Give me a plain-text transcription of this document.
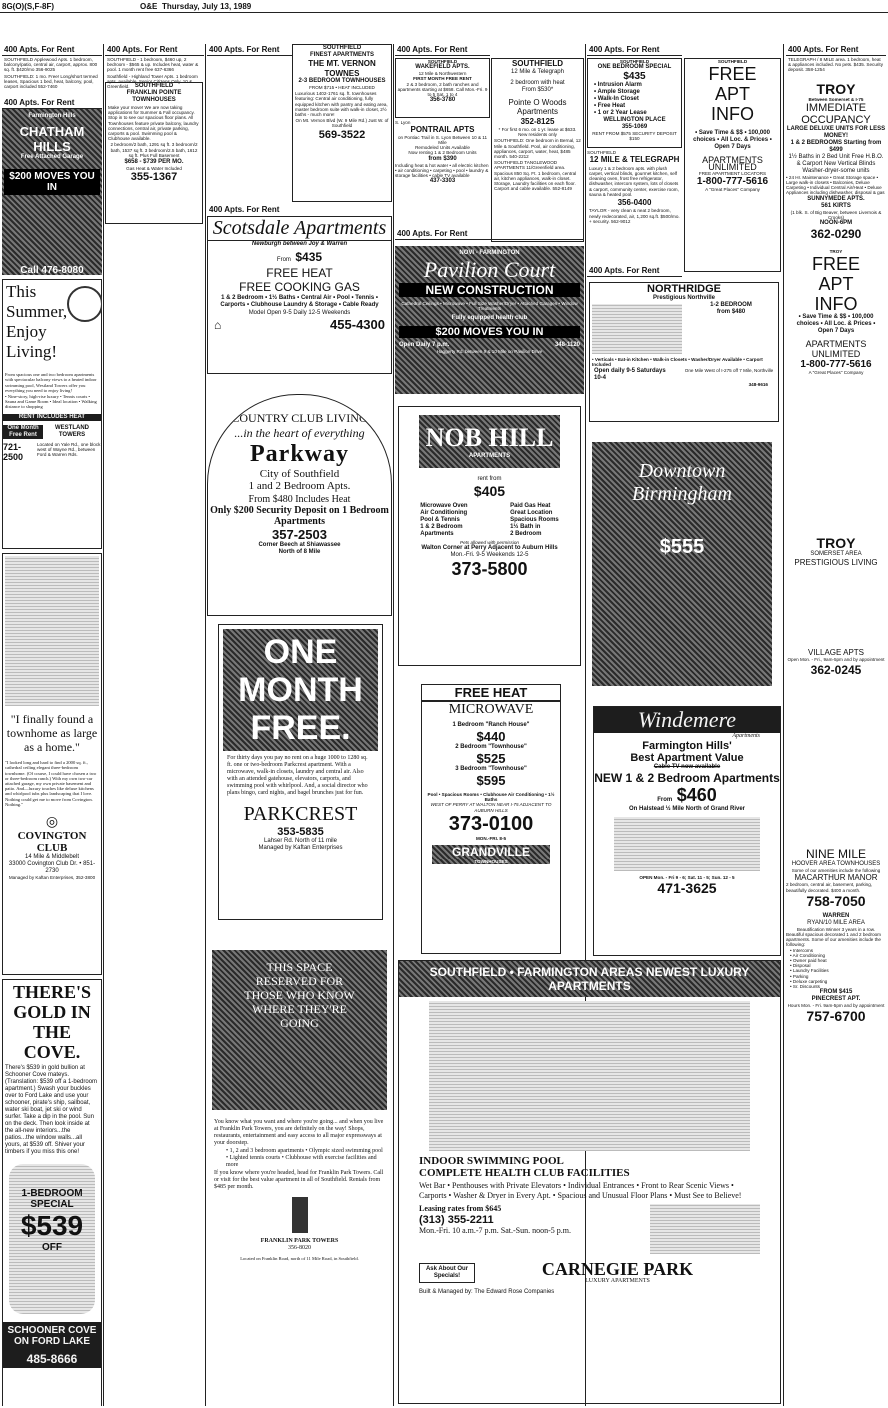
8G(O)(S,F-8F)	O&E Thursday, July 13, 1989
400 Apts. For Rent
SOUTHFIELD Applewood Apts. 1 bedroom, balcony/patio, central air, carport, approx. 800 sq. ft. $420/mo 356-9025
SOUTHFIELD: 1 mo. Free! Long/short termed leases, Spacious 1 bed, heat, balcony, pool, carport included 552-7460
400 Apts. For Rent
Farmington Hills
CHATHAM HILLS
Free Attached Garage
$200 MOVES YOU IN
Call 476-8080
This Summer, Enjoy Living!
From spacious one and two bedroom apartments with spectacular balcony views to a heated indoor swimming pool, Westland Towers offer you everything you need to enjoy living!
• Nine-story, high-rise luxury • Tennis courts • Sauna and Game Room • Ideal location • Walking distance to shopping
RENT INCLUDES HEAT
One Month Free Rent
WESTLAND TOWERS
721-2500
Located on Yale Rd., one block west of Wayne Rd., between Ford & Warren Rds.
"I finally found a townhome as large as a home."
"I looked long and hard to find a 2000 sq. ft., cathedral ceiling elegant three-bedroom townhome. (Of course, I could have chosen a two or three-bedroom ranch.) With my own two-car attached garage, my own private basement and patio. And—luxury touches like deluxe kitchens and whirlpool tubs plus landscaping that I love. Nothing could get me to move from Covington. Nothing."
◎
COVINGTON CLUB
14 Mile & Middlebelt
33000 Covington Club Dr. • 851-2730
Managed by Kaftan Enterprises, 352-3800
THERE'S GOLD IN THE COVE.
There's $539 in gold bullion at Schooner Cove mateys. (Translation: $539 off a 1-bedroom apartment.) Swash your buckles over to Ford Lake and use your schooner, pirate's ship, sailboat, water ski boat, jet ski or wind surfer. Take a dip in the pool. Sun on the deck. Then look inside at the all-new interiors...the patios...the window walls...all yours, at $539 off. Shiver your timbers if you miss this one!
1-BEDROOM SPECIAL
$539
OFF
SCHOONER COVE ON FORD LAKE
485-8666
400 Apts. For Rent
SOUTHFIELD - 1 bedroom, $460 up, 2 bedroom - $565 & up. Includes heat, water & pool. 1 month rent free 637-6366
Southfield - Highland Tower Apts. 1 bedroom apts. available. Senior Citizens Only. 10 & Greenfield. SOUTHFIELD
FRANKLIN POINTE TOWNHOUSES
Make your move! We are now taking applications for Summer & Fall occupancy. Stop in to see our spacious floor plans. All Townhouses feature private balcony, laundry connections, central air, private parking, carports & pool. Swimming pool & Clubhouse available.
2 bedroom/2 bath, 1291 sq ft. 3 bedroom/2 bath, 1537 sq ft. 3 bedroom/2.5 bath, 1612 sq ft. Plus Full Basement
$658 - $739 PER MO.
Gas Heat & Water Included
355-1367
400 Apts. For Rent	SOUTHFIELD
FINEST APARTMENTS
THE MT. VERNON TOWNES
2-3 BEDROOM TOWNHOUSES
FROM $715 • HEAT INCLUDED
Luxurious 1402-1761 sq. ft. townhouses featuring: Central air conditioning, fully equipped kitchen with pantry and eating area, master bedroom suite with walk-in closet, 2½ baths - much more!
On Mt. Vernon Blvd (W. 9 Mile Rd.) Just W. of Southfield
569-3522
400 Apts. For Rent
Scotsdale Apartments
Newburgh between Joy & Warren
From $435
FREE HEAT
FREE COOKING GAS
1 & 2 Bedroom • 1½ Baths • Central Air • Pool • Tennis • Carports • Clubhouse Laundry & Storage • Cable Ready
Model Open 9-5 Daily 12-5 Weekends
⌂	455-4300
COUNTRY CLUB LIVING
...in the heart of everything
Parkway
City of Southfield
1 and 2 Bedroom Apts.
From $480 Includes Heat
Only $200 Security Deposit on 1 Bedroom Apartments
357-2503
Corner Beech at Shiawassee North of 8 Mile
ONE MONTH FREE.
For thirty days you pay no rent on a huge 1000 to 1280 sq. ft. one or two-bedroom Parkcrest apartment. With a microwave, walk-in closets, laundry and central air. Also with an attended gatehouse, elevators, carports, and swimming pool with whirlpool. And, a social director who plans bingo, card nights, and bagel brunches just for fun.
PARKCREST
353-5835
Lahser Rd. North of 11 mile
Managed by Kaftan Enterprises
THIS SPACE RESERVED FOR THOSE WHO KNOW WHERE THEY'RE GOING
You know what you want and where you're going... and when you live at Franklin Park Towers, you are definitely on the way! Shops, restaurants, entertainment and easy access to all major expressways at your doorstep.
• 1, 2 and 3 bedroom apartments • Olympic sized swimming pool • Lighted tennis courts • Clubhouse with exercise facilities and more
If you know where you're headed, head for Franklin Park Towers. Call or visit for the best value apartment in all of Southfield. Rentals from $485 per month.
FRANKLIN PARK TOWERS
356-8020
Located on Franklin Road, north of 11 Mile Road, in Southfield.
400 Apts. For Rent
SOUTHFIELD
WAKEFIELD APTS.
12 Mile & Northwestern
FIRST MONTH FREE RENT
2 & 3 bedroom, 2 bath ranches and apartments starting at $658. Call Mon.-Fri. 9 to 5 Sat. 1 to 4
356-3780
S. Lyon
PONTRAIL APTS
on Pontiac Trail in S. Lyon Between 10 & 11 Mile
Remodeled Units Available
Now renting 1 & 2 Bedroom Units
from $390
Including heat & hot water • all electric kitchen • air conditioning • carpeting • pool • laundry & storage facilities • cable TV available
437-3303
SOUTHFIELD
12 Mile & Telegraph
2 bedroom with heat
From $530*
Pointe O Woods Apartments
352-8125
* For first 6 mo. on 1 yr. lease at $633. New residents only
SOUTHFIELD: One bedroom in Bernal, 12 Mile & Southfield. Pool, air conditioning, appliances, carport, water, heat, $485 month. 540-2212
SOUTHFIELD TANGLEWOOD APARTMENTS 11/Greenfield area. Spacious 850 Sq. Ft. 1 bedroom, central air, kitchen appliances, walk-in closet. Storage, Laundry facilities on each floor. Carport and cable available. 552-8149
400 Apts. For Rent
NOVI - FARMINGTON
Pavilion Court
NEW CONSTRUCTION
Cathedral Ceilings • Microwave • Full Size Washer/Dryer • Attached Garages • Window Treatments
Fully equipped health club
$200 MOVES YOU IN
Open Daily 7 p.m.	348-1120
Haggerty Rd. between 9 & 10 Mile on Pavilion Drive
NOB HILL
APARTMENTS
rent from
$405
Microwave Oven
Air Conditioning
Pool & Tennis
1 & 2 Bedroom
Apartments
Paid Gas Heat
Great Location
Spacious Rooms
1½ Bath in
2 Bedroom
Pets allowed with permission
Walton Corner at Perry Adjacent to Auburn Hills
Mon.-Fri. 9-5 Weekends 12-5
373-5800
FREE HEAT
MICROWAVE
1 Bedroom "Ranch House"
$440
2 Bedroom "Townhouse"
$525
3 Bedroom "Townhouse"
$595
Pool • Spacious Rooms • Clubhouse Air Conditioning • 1½ Baths
WEST OF PERRY AT WALTON NEAR I-75 ADJACENT TO AUBURN HILLS
373-0100
MON.-FRI. 8-5
GRANDVILLE
TOWNHOUSES
400 Apts. For Rent
SOUTHFIELD
ONE BEDROOM SPECIAL
$435
• Intrusion Alarm
• Ample Storage
• Walk-In Closet
• Free Heat
• 1 or 2 Year Lease
WELLINGTON PLACE
355-1069
RENT FROM $575 SECURITY DEPOSIT $150
SOUTHFIELD
12 MILE & TELEGRAPH
Luxury 1 & 2 bedroom apts. with plush carpet, vertical blinds, gourmet kitchen, self cleaning oven, frost free refrigerator, dishwasher, intercom system, lots of closets & carport, community center, exercise room, sauna & heated pool.
356-0400
TAYLOR - very clean & neat 2 bedroom, newly redecorated, air, 1,200 sq.ft. $500/mo. + security. 562-9012
SOUTHFIELD
FREE
APT
INFO
• Save Time & $$ • 100,000 choices • All Loc. & Prices • Open 7 Days
APARTMENTS UNLIMITED
FREE APARTMENT LOCATORS
1-800-777-5616
A "Great Places" Company
400 Apts. For Rent
NORTHRIDGE
Prestigious Northville
1-2 BEDROOM
from $480
• Verticals • Eat-in Kitchen • Walk-in Closets • Washer/Dryer Available • Carport Included
Open daily 9-5 Saturdays 10-4
One Mile West of I-275 off 7 Mile, Northville
348-9616
Downtown Birmingham
$555
Windemere
Apartments
Farmington Hills'
Best Apartment Value
Cable TV now available
NEW 1 & 2 Bedroom Apartments
From $460
On Halstead ½ Mile North of Grand River
OPEN Mon. - Fri 9 - 6; Sat. 11 - 5; Sun. 12 - 5
471-3625
SOUTHFIELD • FARMINGTON AREAS NEWEST LUXURY APARTMENTS
INDOOR SWIMMING POOL
COMPLETE HEALTH CLUB FACILITIES
Wet Bar • Penthouses with Private Elevators • Individual Entrances • Front to Rear Scenic Views • Carports • Washer & Dryer in Every Apt. • Spacious and Unusual Floor Plans • Must See to Believe!
Leasing rates from $645
(313) 355-2211
Mon.-Fri. 10 a.m.-7 p.m. Sat.-Sun. noon-5 p.m.
Ask About Our Specials!	CARNEGIE PARK
LUXURY APARTMENTS
Built & Managed by: The Edward Rose Companies
400 Apts. For Rent
TELEGRAPH / 8 MILE area. 1 bedroom, heat & appliances included. No pets. $435. Security deposit. 358-1254
TROY
Between Somerset & I-75
IMMEDIATE OCCUPANCY
LARGE DELUXE UNITS FOR LESS MONEY!
1 & 2 BEDROOMS Starting from $499
1½ Baths in 2 Bed Unit Free H.B.O. & Carport New Vertical Blinds Washer-dryer-some units
• 24 Hr. Maintenance • Great Storage space • Large walk-in closets • Balconies, Deluxe Carpeting • Individual Central Air/Heat • Deluxe Appliances including dishwasher, disposal & gas
SUNNYMEDE APTS.
561 KIRTS
(1 blk. S. of Big Beaver, between Livernois & Crooks)
NOON-6PM
362-0290
TROY
FREE
APT
INFO
• Save Time & $$ • 100,000 choices • All Loc. & Prices • Open 7 Days
APARTMENTS UNLIMITED
1-800-777-5616
A "Great Places" Company
TROY
SOMERSET AREA
PRESTIGIOUS LIVING
VILLAGE APTS
Open Mon. - Fri., 9am-5pm and by appointment
362-0245
NINE MILE
HOOVER AREA TOWNHOUSES
Some of our amenities include the following
MACARTHUR MANOR
2 bedroom, central air, basement, parking, beautifully decorated. $400 a month.
758-7050
WARREN
RYAN/10 MILE AREA
Beautification Winner 3 years in a row.
Beautiful spacious decorated 1 and 2 bedroom apartments. Some of our amenities include the following:
• Intercoms
• Air Conditioning
• Owner paid heat
• Disposal
• Laundry Facilities
• Parking
• Deluxe carpeting
• Sr. Discounts
FROM $415
PINECREST APT.
Hours Mon. - Fri. 9am-5pm and by appointment
757-6700
